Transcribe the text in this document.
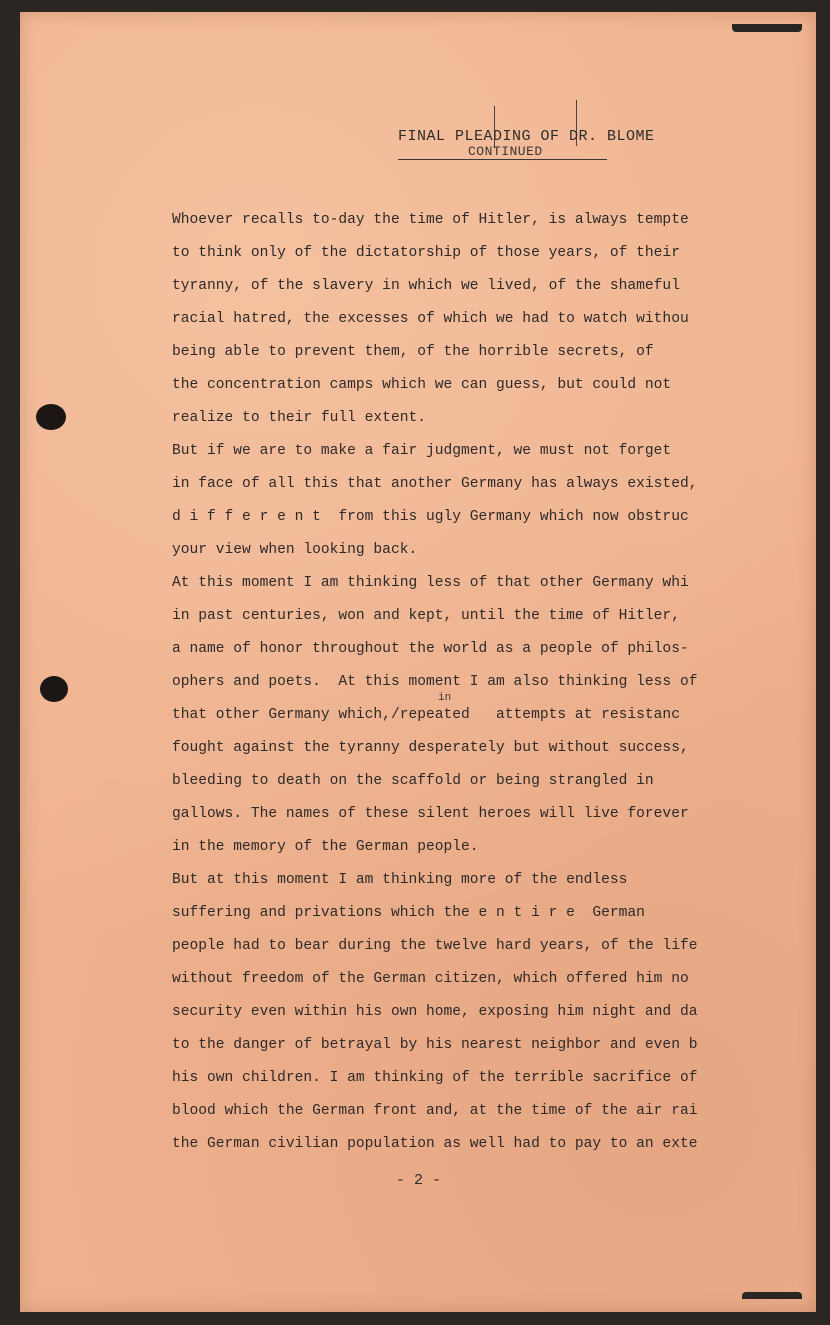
FINAL PLEADING OF DR. BLOME
CONTINUED
Whoever recalls to-day the time of Hitler, is always tempte
to think only of the dictatorship of those years, of their
tyranny, of the slavery in which we lived, of the shameful
racial hatred, the excesses of which we had to watch withou
being able to prevent them, of the horrible secrets, of
the concentration camps which we can guess, but could not
realize to their full extent.
But if we are to make a fair judgment, we must not forget
in face of all this that another Germany has always existed,
d i f f e r e n t  from this ugly Germany which now obstruc
your view when looking back.
At this moment I am thinking less of that other Germany whi
in past centuries, won and kept, until the time of Hitler,
a name of honor throughout the world as a people of philos-
ophers and poets.  At this moment I am also thinking less of
that other Germany which,/repeated   attempts at resistanc
fought against the tyranny desperately but without success,
bleeding to death on the scaffold or being strangled in
gallows. The names of these silent heroes will live forever
in the memory of the German people.
But at this moment I am thinking more of the endless
suffering and privations which the e n t i r e  German
people had to bear during the twelve hard years, of the life
without freedom of the German citizen, which offered him no
security even within his own home, exposing him night and da
to the danger of betrayal by his nearest neighbor and even b
his own children. I am thinking of the terrible sacrifice of
blood which the German front and, at the time of the air rai
the German civilian population as well had to pay to an exte
in
- 2 -
